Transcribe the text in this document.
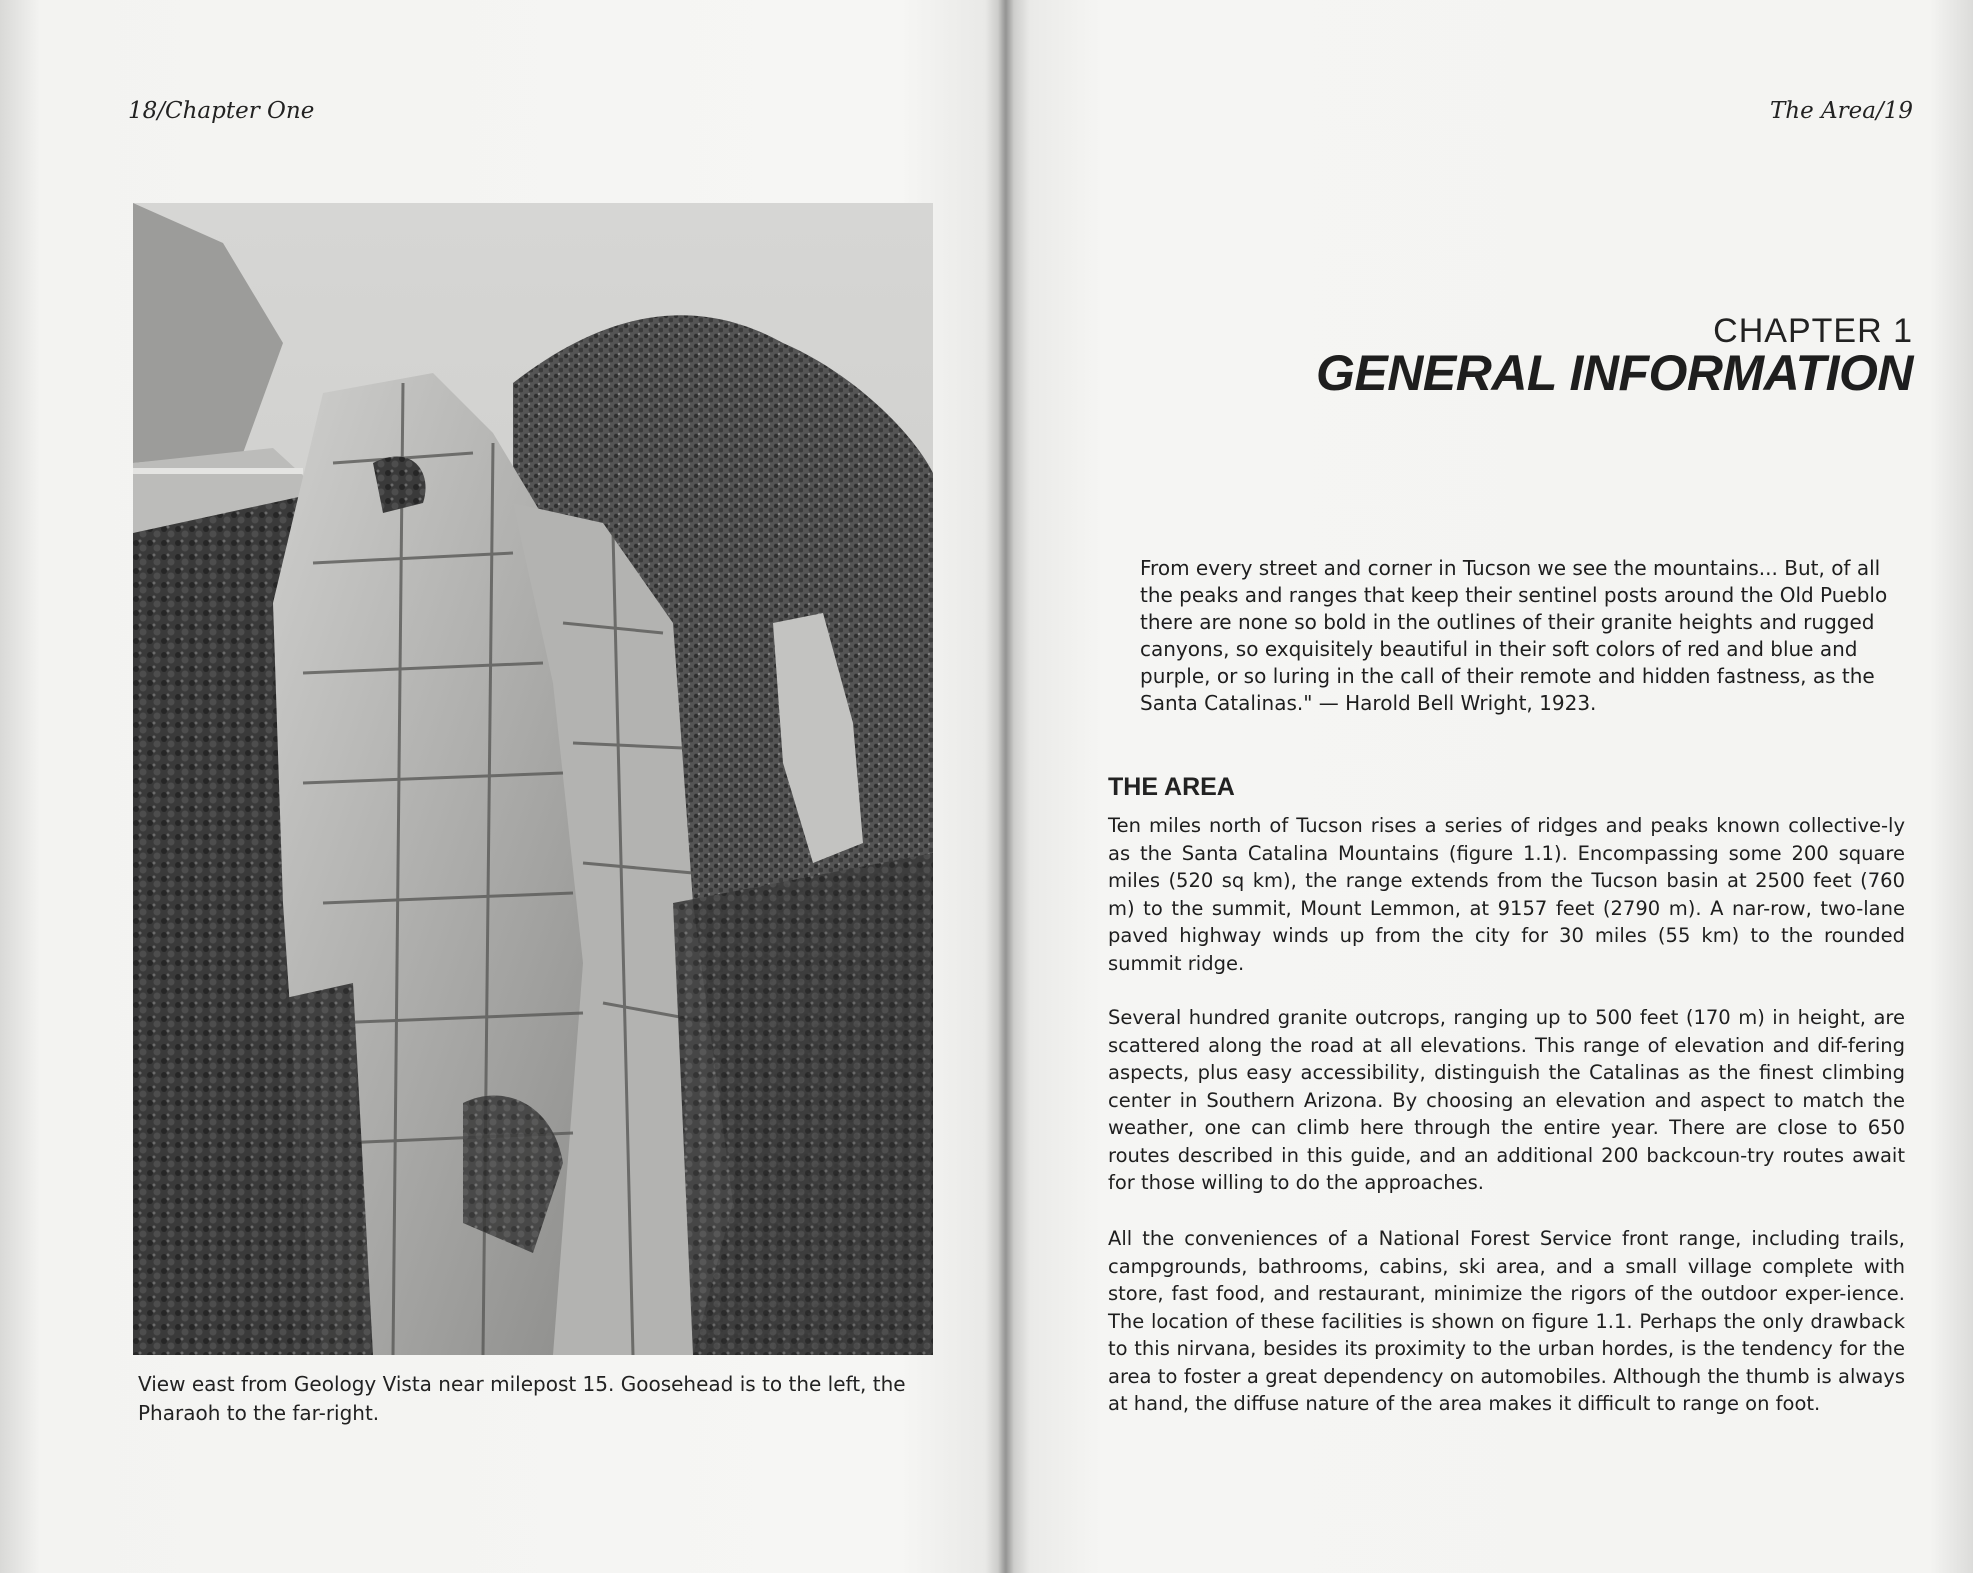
18/Chapter One
View east from Geology Vista near milepost 15. Goosehead is to the left, the Pharaoh to the far-right.
The Area/19
CHAPTER 1
GENERAL INFORMATION
From every street and corner in Tucson we see the mountains... But, of all the peaks and ranges that keep their sentinel posts around the Old Pueblo there are none so bold in the outlines of their granite heights and rugged canyons, so exquisitely beautiful in their soft colors of red and blue and purple, or so luring in the call of their remote and hidden fastness, as the Santa Catalinas." — Harold Bell Wright, 1923.
THE AREA
Ten miles north of Tucson rises a series of ridges and peaks known collective-ly as the Santa Catalina Mountains (figure 1.1). Encompassing some 200 square miles (520 sq km), the range extends from the Tucson basin at 2500 feet (760 m) to the summit, Mount Lemmon, at 9157 feet (2790 m). A nar-row, two-lane paved highway winds up from the city for 30 miles (55 km) to the rounded summit ridge.
Several hundred granite outcrops, ranging up to 500 feet (170 m) in height, are scattered along the road at all elevations. This range of elevation and dif-fering aspects, plus easy accessibility, distinguish the Catalinas as the finest climbing center in Southern Arizona. By choosing an elevation and aspect to match the weather, one can climb here through the entire year. There are close to 650 routes described in this guide, and an additional 200 backcoun-try routes await for those willing to do the approaches.
All the conveniences of a National Forest Service front range, including trails, campgrounds, bathrooms, cabins, ski area, and a small village complete with store, fast food, and restaurant, minimize the rigors of the outdoor exper-ience. The location of these facilities is shown on figure 1.1. Perhaps the only drawback to this nirvana, besides its proximity to the urban hordes, is the tendency for the area to foster a great dependency on automobiles. Although the thumb is always at hand, the diffuse nature of the area makes it difficult to range on foot.
